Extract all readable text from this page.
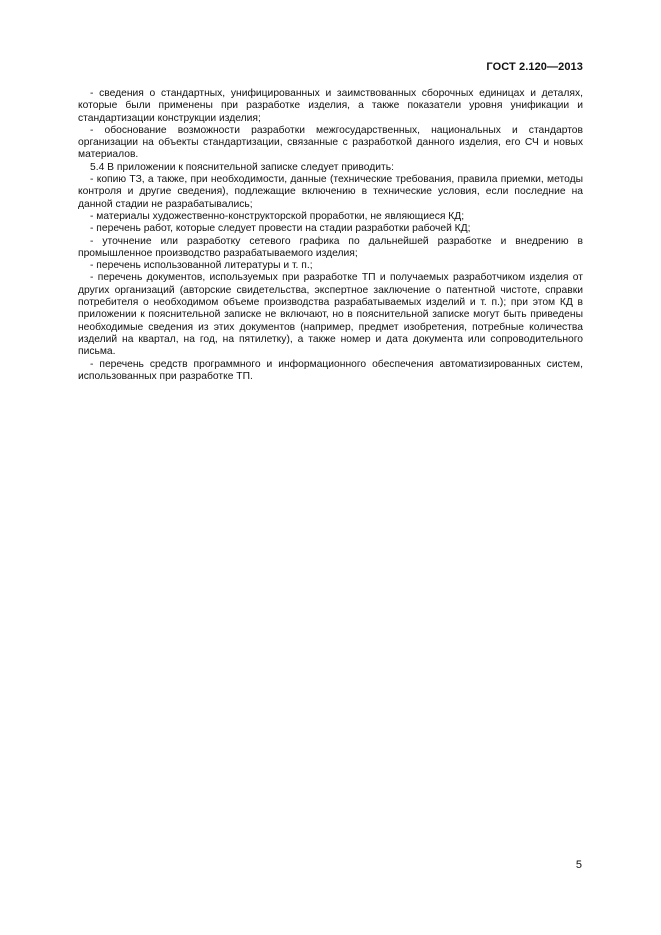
ГОСТ 2.120—2013

- сведения о стандартных, унифицированных и заимствованных сборочных единицах и деталях, которые были применены при разработке изделия, а также показатели уровня унификации и стандартизации конструкции изделия;

- обоснование возможности разработки межгосударственных, национальных и стандартов организации на объекты стандартизации, связанные с разработкой данного изделия, его СЧ и новых материалов.

5.4 В приложении к пояснительной записке следует приводить:

- копию ТЗ, а также, при необходимости, данные (технические требования, правила приемки, методы контроля и другие сведения), подлежащие включению в технические условия, если последние на данной стадии не разрабатывались;

- материалы художественно-конструкторской проработки, не являющиеся КД;

- перечень работ, которые следует провести на стадии разработки рабочей КД;

- уточнение или разработку сетевого графика по дальнейшей разработке и внедрению в промышленное производство разрабатываемого изделия;

- перечень использованной литературы и т. п.;

- перечень документов, используемых при разработке ТП и получаемых разработчиком изделия от других организаций (авторские свидетельства, экспертное заключение о патентной чистоте, справки потребителя о необходимом объеме производства разрабатываемых изделий и т. п.); при этом КД в приложении к пояснительной записке не включают, но в пояснительной записке могут быть приведены необходимые сведения из этих документов (например, предмет изобретения, потребные количества изделий на квартал, на год, на пятилетку), а также номер и дата документа или сопроводительного письма.

- перечень средств программного и информационного обеспечения автоматизированных систем, использованных при разработке ТП.

5
